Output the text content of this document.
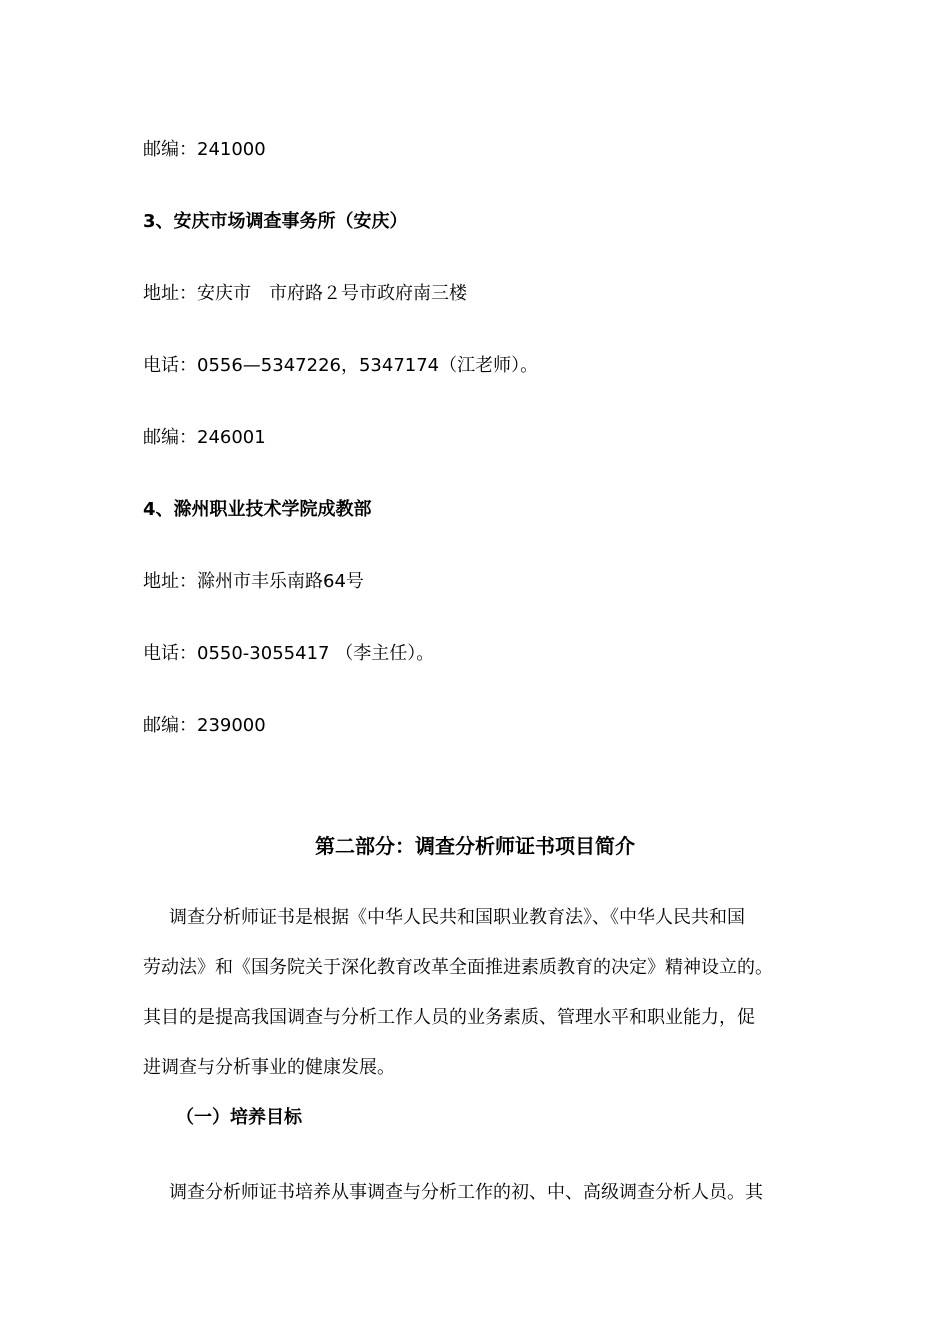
邮编：241000
3、安庆市场调查事务所（安庆）
地址：安庆市　市府路２号市政府南三楼
电话：0556—5347226，5347174（江老师）。
邮编：246001
4、滁州职业技术学院成教部
地址：滁州市丰乐南路64号
电话：0550-3055417 （李主任）。
邮编：239000
第二部分：调查分析师证书项目简介
调查分析师证书是根据《中华人民共和国职业教育法》、《中华人民共和国
劳动法》和《国务院关于深化教育改革全面推进素质教育的决定》精神设立的。
其目的是提高我国调查与分析工作人员的业务素质、管理水平和职业能力，促
进调查与分析事业的健康发展。
（一）培养目标
调查分析师证书培养从事调查与分析工作的初、中、高级调查分析人员。其
